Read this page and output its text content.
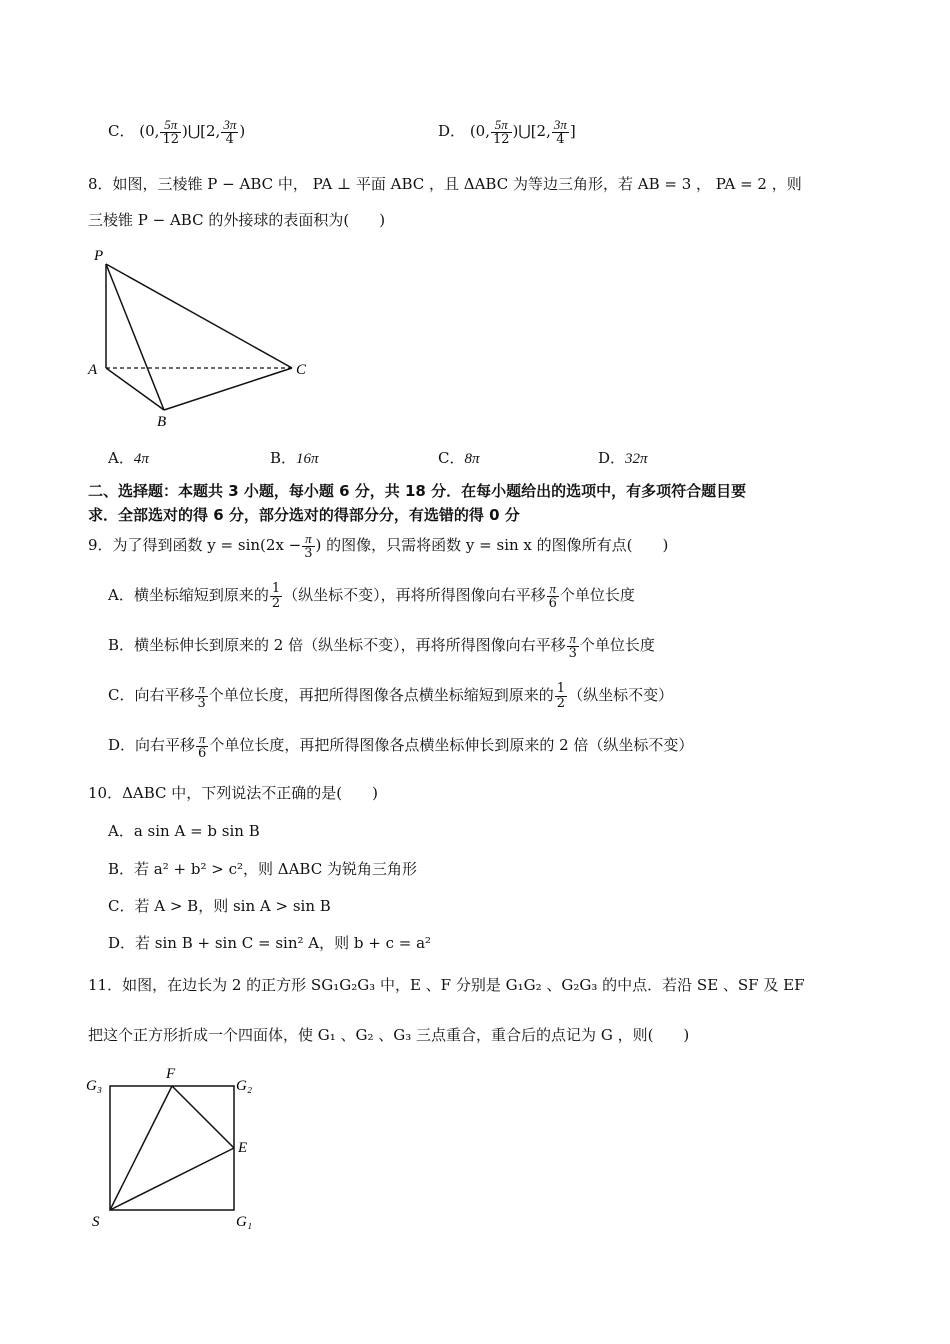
C． (0, $\frac{5\pi}{12}$ )⋃[2, $\frac{3\pi}{4}$ )	D． (0, $\frac{5\pi}{12}$ )⋃[2, $\frac{3\pi}{4}$ ]
8．如图，三棱锥 P − ABC 中， PA ⊥ 平面 ABC ，且 ΔABC 为等边三角形，若 AB = 3 ， PA = 2 ，则
三棱锥 P − ABC 的外接球的表面积为(　　)
P
A
B
C
A．4π	B．16π	C．8π	D．32π
二、选择题：本题共 3 小题，每小题 6 分，共 18 分．在每小题给出的选项中，有多项符合题目要
求．全部选对的得 6 分，部分选对的得部分分，有选错的得 0 分
9．为了得到函数 $y = \sin(2x - \frac{\pi}{3}$ ) 的图像，只需将函数 y = sin x 的图像所有点(　　)
A．横坐标缩短到原来的 $\frac{1}{2}$ （纵坐标不变），再将所得图像向右平移 $\frac{\pi}{6}$ 个单位长度
B．横坐标伸长到原来的 2 倍（纵坐标不变），再将所得图像向右平移 $\frac{\pi}{3}$ 个单位长度
C．向右平移 $\frac{\pi}{3}$ 个单位长度，再把所得图像各点横坐标缩短到原来的 $\frac{1}{2}$ （纵坐标不变）
D．向右平移 $\frac{\pi}{6}$ 个单位长度，再把所得图像各点横坐标伸长到原来的 2 倍（纵坐标不变）
10．ΔABC 中，下列说法不正确的是(　　)
A．a sin A = b sin B
B．若 a² + b² > c²，则 ΔABC 为锐角三角形
C．若 A > B，则 sin A > sin B
D．若 sin B + sin C = sin² A，则 b + c = a²
11．如图，在边长为 2 的正方形 SG₁G₂G₃ 中，E 、F 分别是 G₁G₂ 、G₂G₃ 的中点．若沿 SE 、SF 及 EF
把这个正方形折成一个四面体，使 G₁ 、G₂ 、G₃ 三点重合，重合后的点记为 G ，则(　　)
G₃
F
G₂
E
S	G₁
